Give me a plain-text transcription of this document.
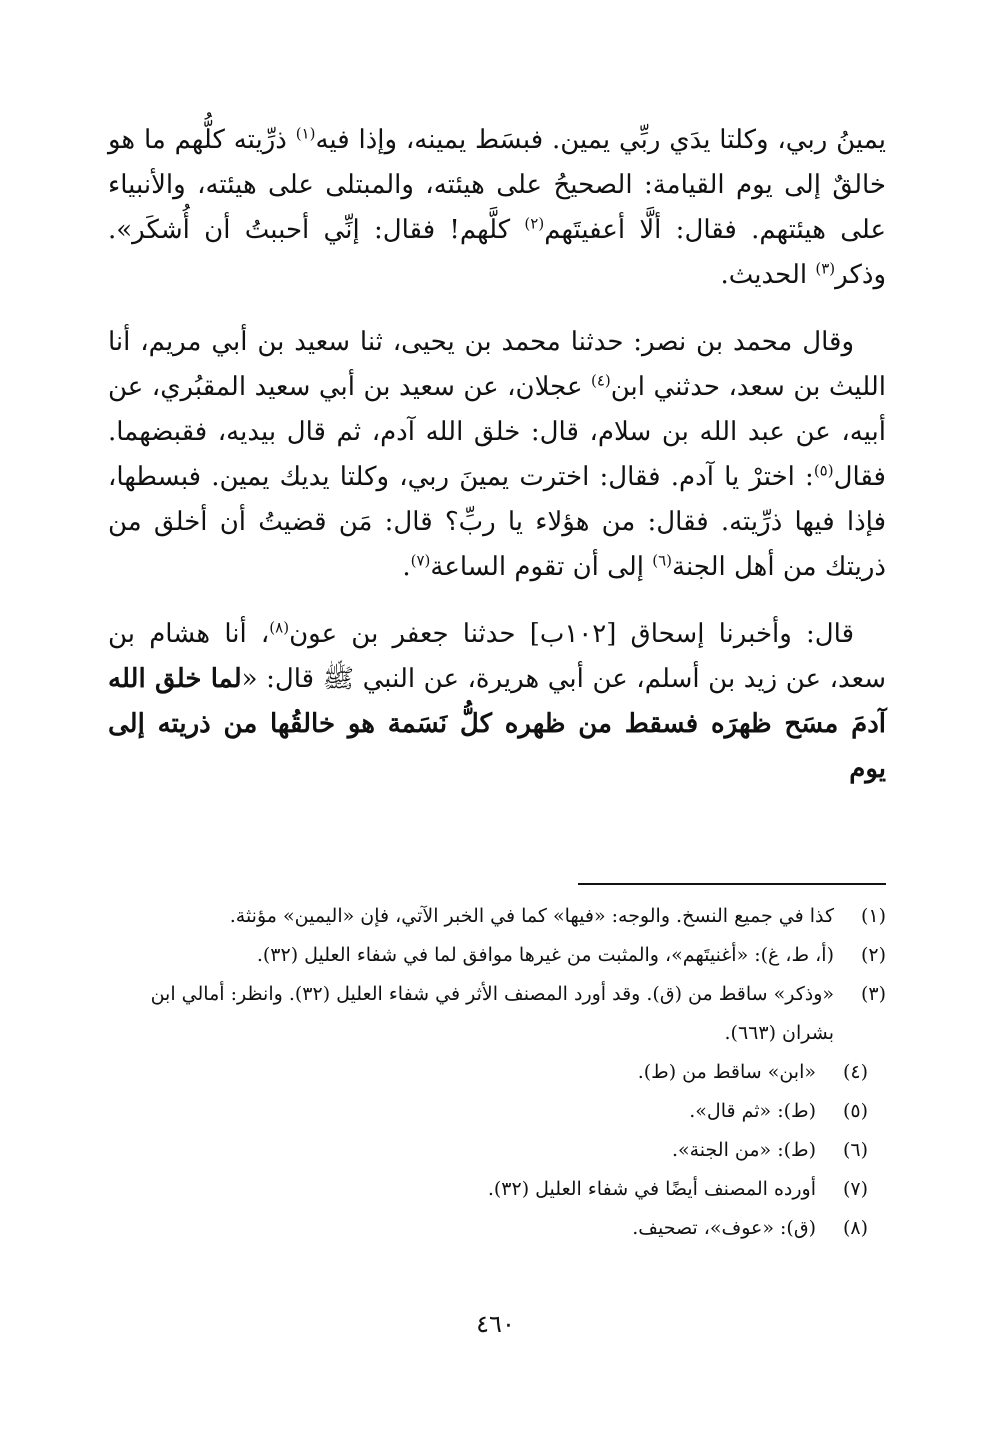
يمينُ ربي، وكلتا يدَي ربِّي يمين. فبسَط يمينه، وإذا فيه$^{(١)}$ ذرِّيته كلُّهم ما هو خالقٌ إلى يوم القيامة: الصحيحُ على هيئته، والمبتلى على هيئته، والأنبياء على هيئتهم. فقال: ألَّا أعفيتَهم$^{(٢)}$ كلَّهم! فقال: إنِّي أحببتُ أن أُشكَر». وذكر$^{(٣)}$ الحديث.

وقال محمد بن نصر: حدثنا محمد بن يحيى، ثنا سعيد بن أبي مريم، أنا الليث بن سعد، حدثني ابن$^{(٤)}$ عجلان، عن سعيد بن أبي سعيد المقبُري، عن أبيه، عن عبد الله بن سلام، قال: خلق الله آدم، ثم قال بيديه، فقبضهما. فقال$^{(٥)}$: اخترْ يا آدم. فقال: اخترت يمينَ ربي، وكلتا يديك يمين. فبسطها، فإذا فيها ذرِّيته. فقال: من هؤلاء يا ربِّ؟ قال: مَن قضيتُ أن أخلق من ذريتك من أهل الجنة$^{(٦)}$ إلى أن تقوم الساعة$^{(٧)}$.

قال: وأخبرنا إسحاق [١٠٢ب] حدثنا جعفر بن عون$^{(٨)}$، أنا هشام بن سعد، عن زيد بن أسلم، عن أبي هريرة، عن النبي ﷺ قال: «لما خلق الله آدمَ مسَح ظهرَه فسقط من ظهره كلُّ نَسَمة هو خالقُها من ذريته إلى يوم

(١)
كذا في جميع النسخ. والوجه: «فيها» كما في الخبر الآتي، فإن «اليمين» مؤنثة.
(٢)
(أ، ط، غ): «أغنيتَهم»، والمثبت من غيرها موافق لما في شفاء العليل (٣٢).
(٣)
«وذكر» ساقط من (ق). وقد أورد المصنف الأثر في شفاء العليل (٣٢). وانظر: أمالي ابن بشران (٦٦٣).
(٤)
«ابن» ساقط من (ط).
(٥)
(ط): «ثم قال».
(٦)
(ط): «من الجنة».
(٧)
أورده المصنف أيضًا في شفاء العليل (٣٢).
(٨)
(ق): «عوف»، تصحيف.
٤٦٠
